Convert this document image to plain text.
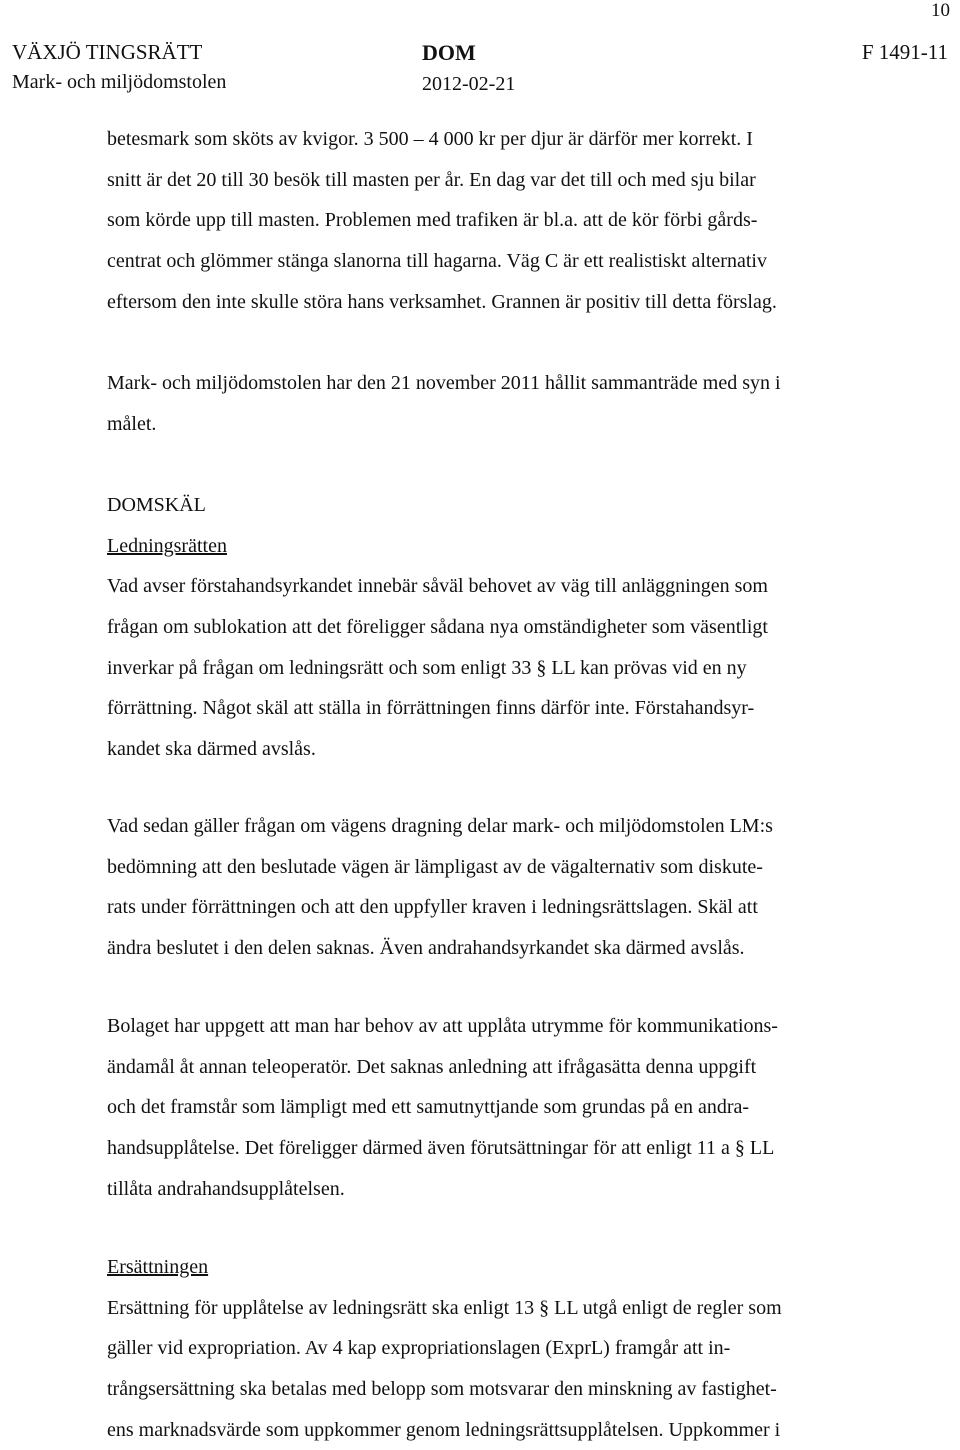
10
VÄXJÖ TINGSRÄTT
Mark- och miljödomstolen
DOM
2012-02-21
F 1491-11
betesmark som sköts av kvigor. 3 500 – 4 000 kr per djur är därför mer korrekt. I
snitt är det 20 till 30 besök till masten per år. En dag var det till och med sju bilar
som körde upp till masten. Problemen med trafiken är bl.a. att de kör förbi gårds-
centrat och glömmer stänga slanorna till hagarna. Väg C är ett realistiskt alternativ
eftersom den inte skulle störa hans verksamhet. Grannen är positiv till detta förslag.
Mark- och miljödomstolen har den 21 november 2011 hållit sammanträde med syn i
målet.
DOMSKÄL
Ledningsrätten
Vad avser förstahandsyrkandet innebär såväl behovet av väg till anläggningen som
frågan om sublokation att det föreligger sådana nya omständigheter som väsentligt
inverkar på frågan om ledningsrätt och som enligt 33 § LL kan prövas vid en ny
förrättning. Något skäl att ställa in förrättningen finns därför inte. Förstahandsyr-
kandet ska därmed avslås.
Vad sedan gäller frågan om vägens dragning delar mark- och miljödomstolen LM:s
bedömning att den beslutade vägen är lämpligast av de vägalternativ som diskute-
rats under förrättningen och att den uppfyller kraven i ledningsrättslagen. Skäl att
ändra beslutet i den delen saknas. Även andrahandsyrkandet ska därmed avslås.
Bolaget har uppgett att man har behov av att upplåta utrymme för kommunikations-
ändamål åt annan teleoperatör. Det saknas anledning att ifrågasätta denna uppgift
och det framstår som lämpligt med ett samutnyttjande som grundas på en andra-
handsupplåtelse. Det föreligger därmed även förutsättningar för att enligt 11 a § LL
tillåta andrahandsupplåtelsen.
Ersättningen
Ersättning för upplåtelse av ledningsrätt ska enligt 13 § LL utgå enligt de regler som
gäller vid expropriation. Av 4 kap expropriationslagen (ExprL) framgår att in-
trångsersättning ska betalas med belopp som motsvarar den minskning av fastighet-
ens marknadsvärde som uppkommer genom ledningsrättsupplåtelsen. Uppkommer i
